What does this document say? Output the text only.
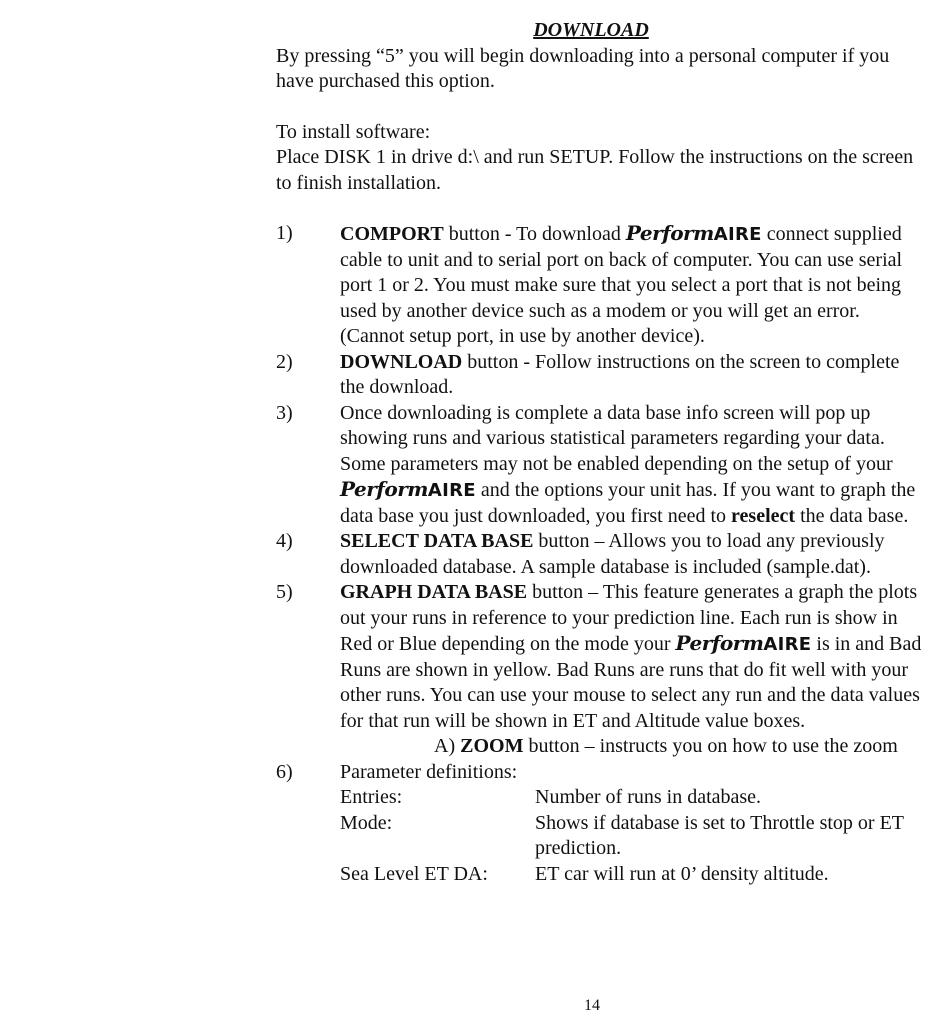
DOWNLOAD

By pressing “5” you will begin downloading into a personal computer if you have purchased this option.

To install software:

Place DISK 1 in drive d:\ and run SETUP. Follow the instructions on the screen to finish installation.

1)	COMPORT button - To download PerformAIRE connect supplied cable to unit and to serial port on back of computer. You can use serial port 1 or 2. You must make sure that you select a port that is not being used by another device such as a modem or you will get an error. (Cannot setup port, in use by another device).
2)	DOWNLOAD button - Follow instructions on the screen to complete the download.
3)	Once downloading is complete a data base info screen will pop up showing runs and various statistical parameters regarding your data. Some parameters may not be enabled depending on the setup of your PerformAIRE and the options your unit has. If you want to graph the data base you just downloaded, you first need to reselect the data base.
4)	SELECT DATA BASE button – Allows you to load any previously downloaded database. A sample database is included (sample.dat).
5)	GRAPH DATA BASE button – This feature generates a graph the plots out your runs in reference to your prediction line. Each run is show in Red or Blue depending on the mode your PerformAIRE is in and Bad Runs are shown in yellow. Bad Runs are runs that do fit well with your other runs. You can use your mouse to select any run and the data values for that run will be shown in ET and Altitude value boxes.
A) ZOOM button – instructs you on how to use the zoom
6)	Parameter definitions:
Entries:	Number of runs in database.
Mode:	Shows if database is set to Throttle stop or ET prediction.
Sea Level ET DA:	ET car will run at 0’ density altitude.
14
